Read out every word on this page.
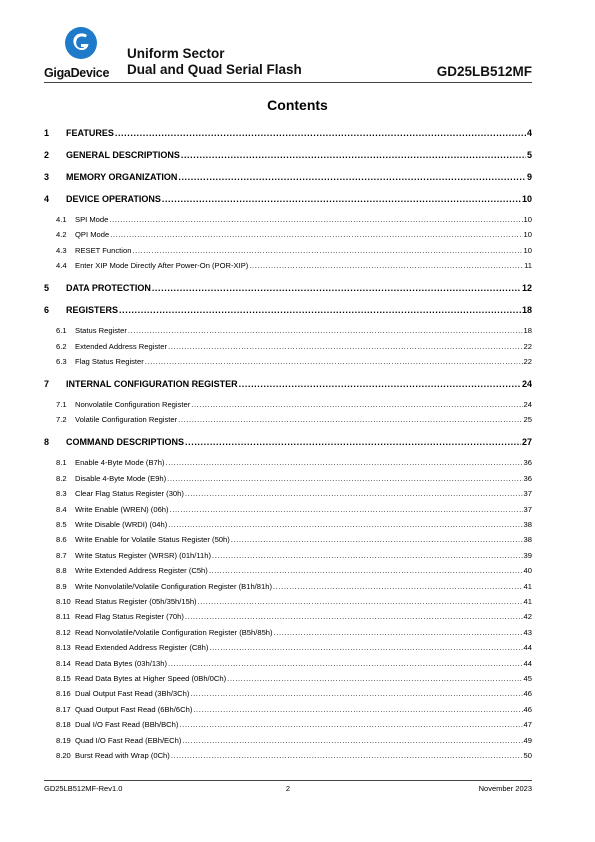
GigaDevice
Uniform Sector
Dual and Quad Serial Flash	GD25LB512MF
Contents
1	FEATURES .....	4
2	GENERAL DESCRIPTIONS .....	5
3	MEMORY ORGANIZATION .....	9
4	DEVICE OPERATIONS .....	10
4.1	SPI Mode .....	10
4.2	QPI Mode .....	10
4.3	RESET Function .....	10
4.4	Enter XIP Mode Directly After Power-On (POR-XIP) .....	11
5	DATA PROTECTION .....	12
6	REGISTERS .....	18
6.1	Status Register .....	18
6.2	Extended Address Register .....	22
6.3	Flag Status Register .....	22
7	INTERNAL CONFIGURATION REGISTER .....	24
7.1	Nonvolatile Configuration Register .....	24
7.2	Volatile Configuration Register .....	25
8	COMMAND DESCRIPTIONS .....	27
8.1	Enable 4-Byte Mode (B7h) .....	36
8.2	Disable 4-Byte Mode (E9h) .....	36
8.3	Clear Flag Status Register (30h) .....	37
8.4	Write Enable (WREN) (06h) .....	37
8.5	Write Disable (WRDI) (04h) .....	38
8.6	Write Enable for Volatile Status Register (50h) .....	38
8.7	Write Status Register (WRSR) (01h/11h) .....	39
8.8	Write Extended Address Register (C5h) .....	40
8.9	Write Nonvolatile/Volatile Configuration Register (B1h/81h) .....	41
8.10 Read Status Register (05h/35h/15h) .....	41
8.11 Read Flag Status Register (70h) .....	42
8.12 Read Nonvolatile/Volatile Configuration Register (B5h/85h) .....	43
8.13 Read Extended Address Register (C8h) .....	44
8.14 Read Data Bytes (03h/13h) .....	44
8.15 Read Data Bytes at Higher Speed (0Bh/0Ch) .....	45
8.16 Dual Output Fast Read (3Bh/3Ch) .....	46
8.17 Quad Output Fast Read (6Bh/6Ch) .....	46
8.18 Dual I/O Fast Read (BBh/BCh) .....	47
8.19 Quad I/O Fast Read (EBh/ECh) .....	49
8.20 Burst Read with Wrap (0Ch) .....	50
GD25LB512MF-Rev1.0	2	November 2023
